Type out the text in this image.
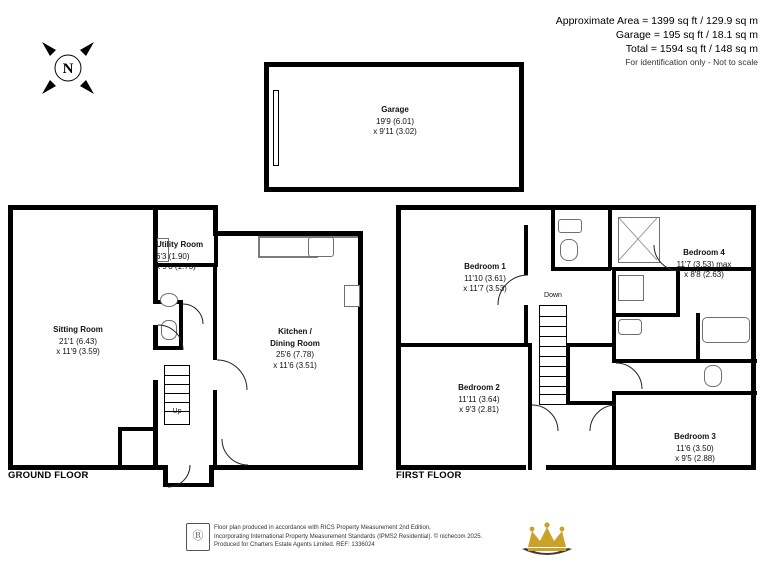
Approximate Area = 1399 sq ft / 129.9 sq m
Garage = 195 sq ft / 18.1 sq m
Total = 1594 sq ft / 148 sq m
For identification only - Not to scale
N
Garage
19'9 (6.01)
x 9'11 (3.02)
Up
Utility Room
6'3 (1.90)
x 5'8 (1.73)
Sitting Room
21'1 (6.43)
x 11'9 (3.59)
Kitchen /
Dining Room
25'6 (7.78)
x 11'6 (3.51)
GROUND FLOOR
Down
Bedroom 1
11'10 (3.61)
x 11'7 (3.53)
Bedroom 2
11'11 (3.64)
x 9'3 (2.81)
Bedroom 3
11'6 (3.50)
x 9'5 (2.88)
Bedroom 4
11'7 (3.53) max
x 8'8 (2.63)
FIRST FLOOR
Ⓡ
Floor plan produced in accordance with RICS Property Measurement 2nd Edition,
Incorporating International Property Measurement Standards (IPMS2 Residential). © nichecom 2025.
Produced for Charters Estate Agents Limited. REF: 1336024
